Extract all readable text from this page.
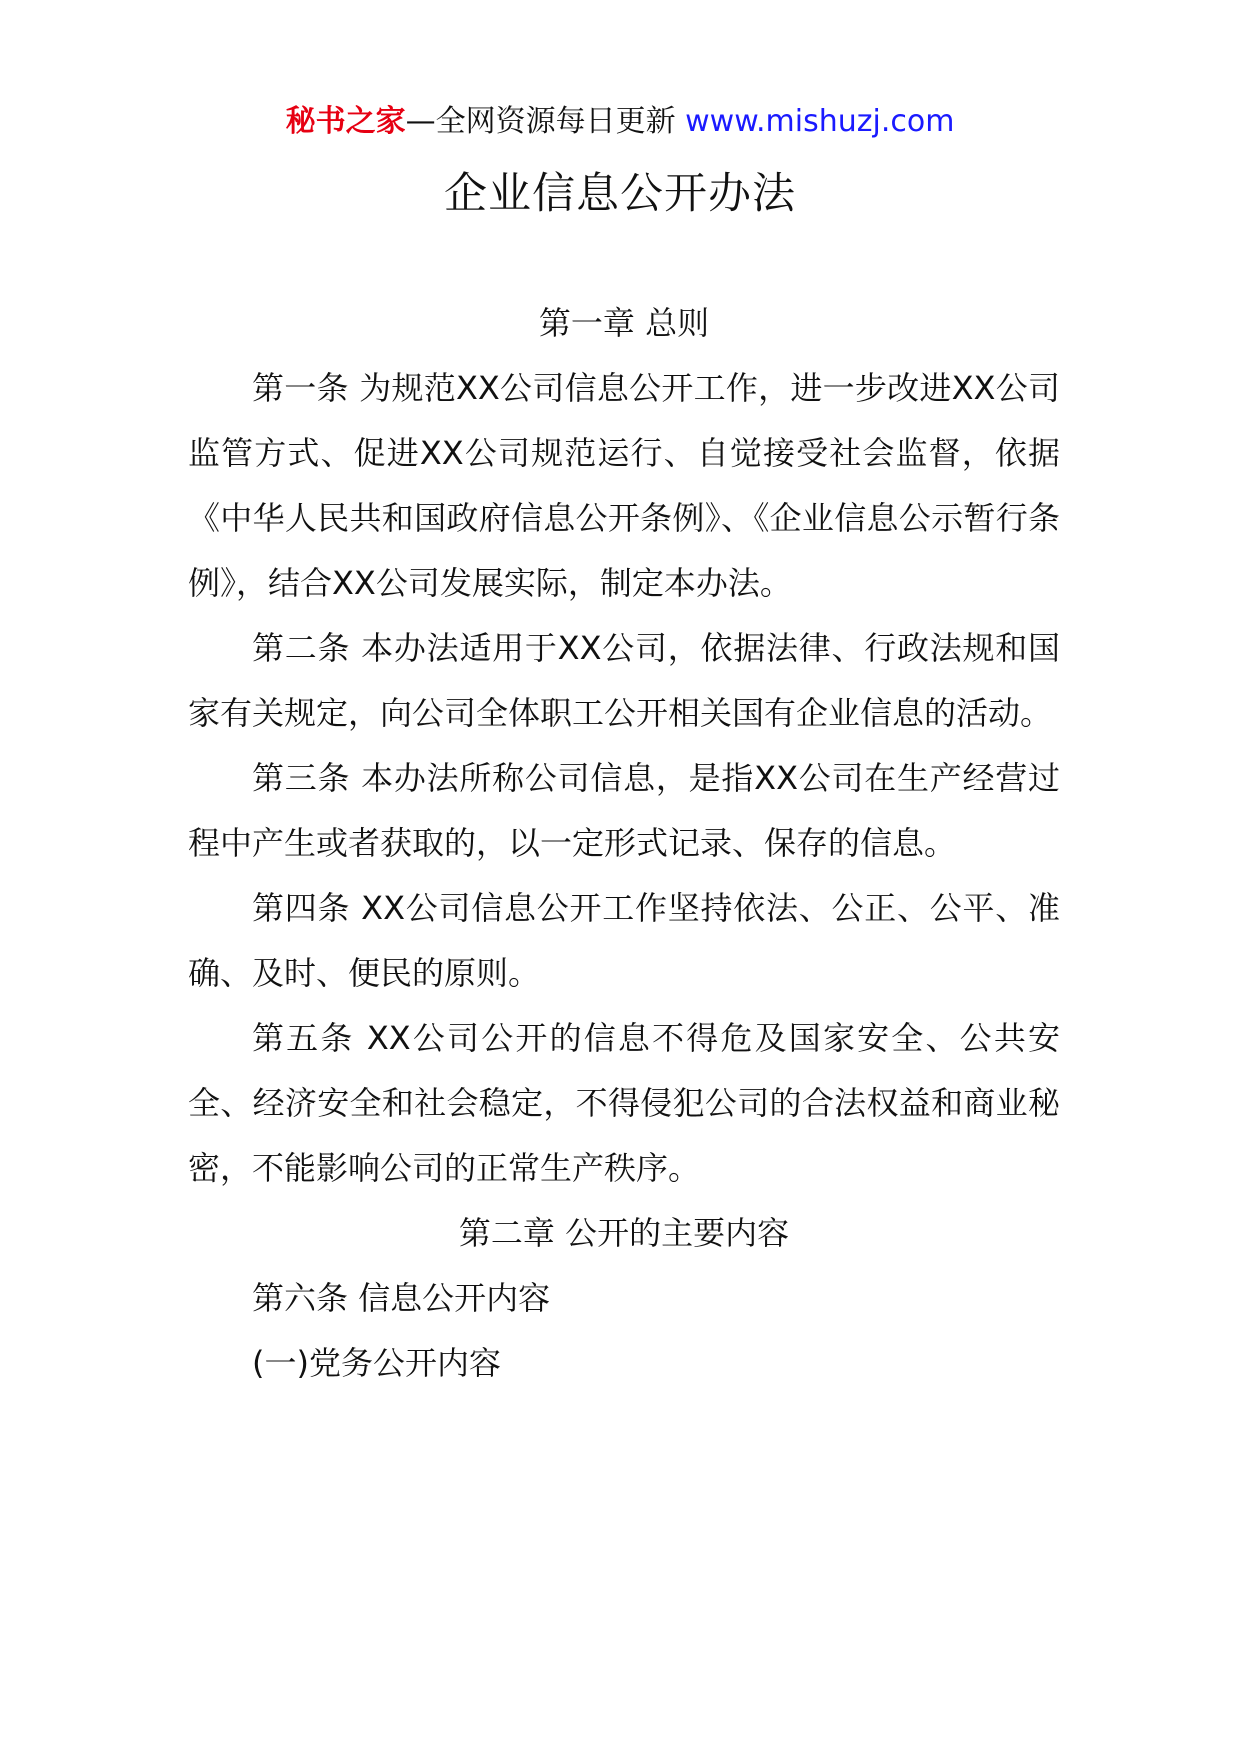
秘书之家—全网资源每日更新 www.mishuzj.com
企业信息公开办法

第一章 总则

第一条 为规范XX公司信息公开工作，进一步改进XX公司监管方式、促进XX公司规范运行、自觉接受社会监督，依据《中华人民共和国政府信息公开条例》、《企业信息公示暂行条例》，结合XX公司发展实际，制定本办法。

第二条 本办法适用于XX公司，依据法律、行政法规和国家有关规定，向公司全体职工公开相关国有企业信息的活动。

第三条 本办法所称公司信息，是指XX公司在生产经营过程中产生或者获取的，以一定形式记录、保存的信息。

第四条 XX公司信息公开工作坚持依法、公正、公平、准确、及时、便民的原则。

第五条 XX公司公开的信息不得危及国家安全、公共安全、经济安全和社会稳定，不得侵犯公司的合法权益和商业秘密，不能影响公司的正常生产秩序。

第二章 公开的主要内容

第六条 信息公开内容

(一)党务公开内容
